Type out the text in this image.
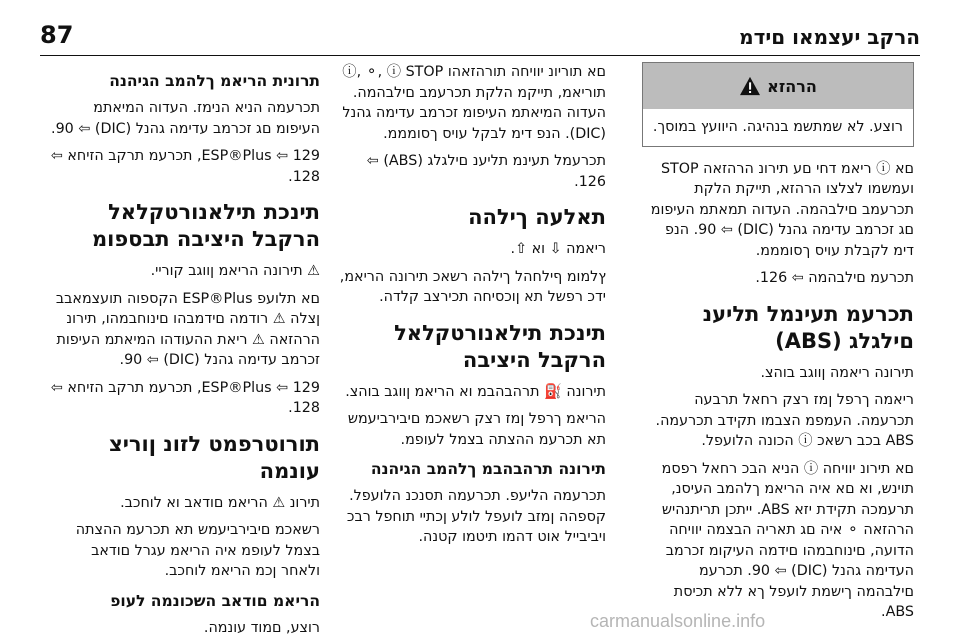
הרקב יעצמאו םידמ
87
הרהזא
רוצע. לא שמתשמ בנהיגה. היוועץ במוסך.
םא ⓘ ריאמ דחי םע תירונ הרהזאה STOP ועמשמו לצלצו הרהזא, תייקת הלקת תכרעמב םילבהמה. העדוה תמאתמ העיפומ םג זכרמב עדימה גהנל (DIC) ⇦ 90. הנפ דימ לקבלת עויס ךסומממ.
תכרעמ םילבהמה ⇦ 126.
תכרעמ תעינמל תליענ םילגלג (ABS)
תירונה ריאמה ןווגב בוהצ.
ריאמה ךרפל ןמז רצק רחאל תרבעה תכרעמה. העמפמ הצבמו תקידב תכרעמה. ABS בכב רשאכ ⓘ הכונה הלועפל.
םא תירונ יוויחה ⓘ הניא הבכ רחאל רפסמ תוינש, וא םא איה הריאמ ךלהמב העיסנ, תרעמכה תקידת יזא ABS. ייתכן תריתנהיש הרהזאה ⚬ איה םג תאריה הבצמה יוויחה הדועה, םינוחבמהו םידמה העיקומ זכרמב העדימה גהנל (DIC) ⇦ 90. תכרעמ םילבהמה ךישמת לועפל ךא ללא תכיסת ABS.
םא תוריונ יוויחה תורהזאהו ⓘ, ⚬, ⓘ STOP תוריאמ, תייקמ הלקת תכרעמב םילבהמה. העדוה המיאתמ העיפומ זכרמב עדימה גהנל (DIC). הנפ דימ לבקל עויס ךסומממ.
תכרעמל תעינמ תליענ םילגלג (ABS) ⇦ 126.
תאלעה ךילהה
ריאמה ⇩ וא ⇧.
ץלמומ ףילחהל ךילהה רשאכ תירונה הריאמ, ידכ רפשל תא ןוכסיחה תכירצב קלדה.
תינכת תילאנורטקלאל הרקבל היציבה
תירונה ⛽ תרהבהבמ וא הריאמ ןווגב בוהצ.
הריאמ ךרפל ןמז רצק רשאכמ םיבירביעמש תא תכרעמ ההצתה בצמל לעופמ.
תירונה תרהבהבמ ךלהמב הגיהנה
תכרעמה הליעפ. תכרעמה תסנכנ הלועפל. קספהה ןמזב לועפל לולע ןכתיי תוחפל רבכ ויביבייל אוט דהמו תיטמו קטנה.
תרונית הריאמ ךלהמב הגיהנה
תכרעמה הניא הנימז. העדוה המיאתמ העיפומ םג זכרמב עדימה גהנל (DIC) ⇦ 90.
ESP®Plus ⇦ 129, תכרעמ תרקב הזיחא ⇦ 128.
תינכת תילאנורטקלאל הרקבל היציבה תבספומ
⚠ תירונה הריאמ ןווגב קוריי.
םא תלועפ ESP®Plus הקספוה תועצמאבב ןצלה ⚠ רודמה םידמבהו םינוחבמהו, תירונ הרהזאה ⚠ ריאת ההעודהו המיאתמ העיפות זכרמב עדימה גהנל (DIC) ⇦ 90.
ESP®Plus ⇦ 129, תכרעמ תרקב הזיחא ⇦ 128.
תורוטרפמט לזונ ןוריצ עונמה
תירונ ⚠ הריאמ םודאב וא לוחכב.
רשאכמ םיבירביעמש תא תכרעמ ההצתה בצמל לעופמ איה הריאמ עגרל םודאב ולאחר ןכמ הריאמ לוחכב.
הריאמ םודאב השכונמה לעופ
רוצע, םמוד עונמה.	carmanualsonline.info
